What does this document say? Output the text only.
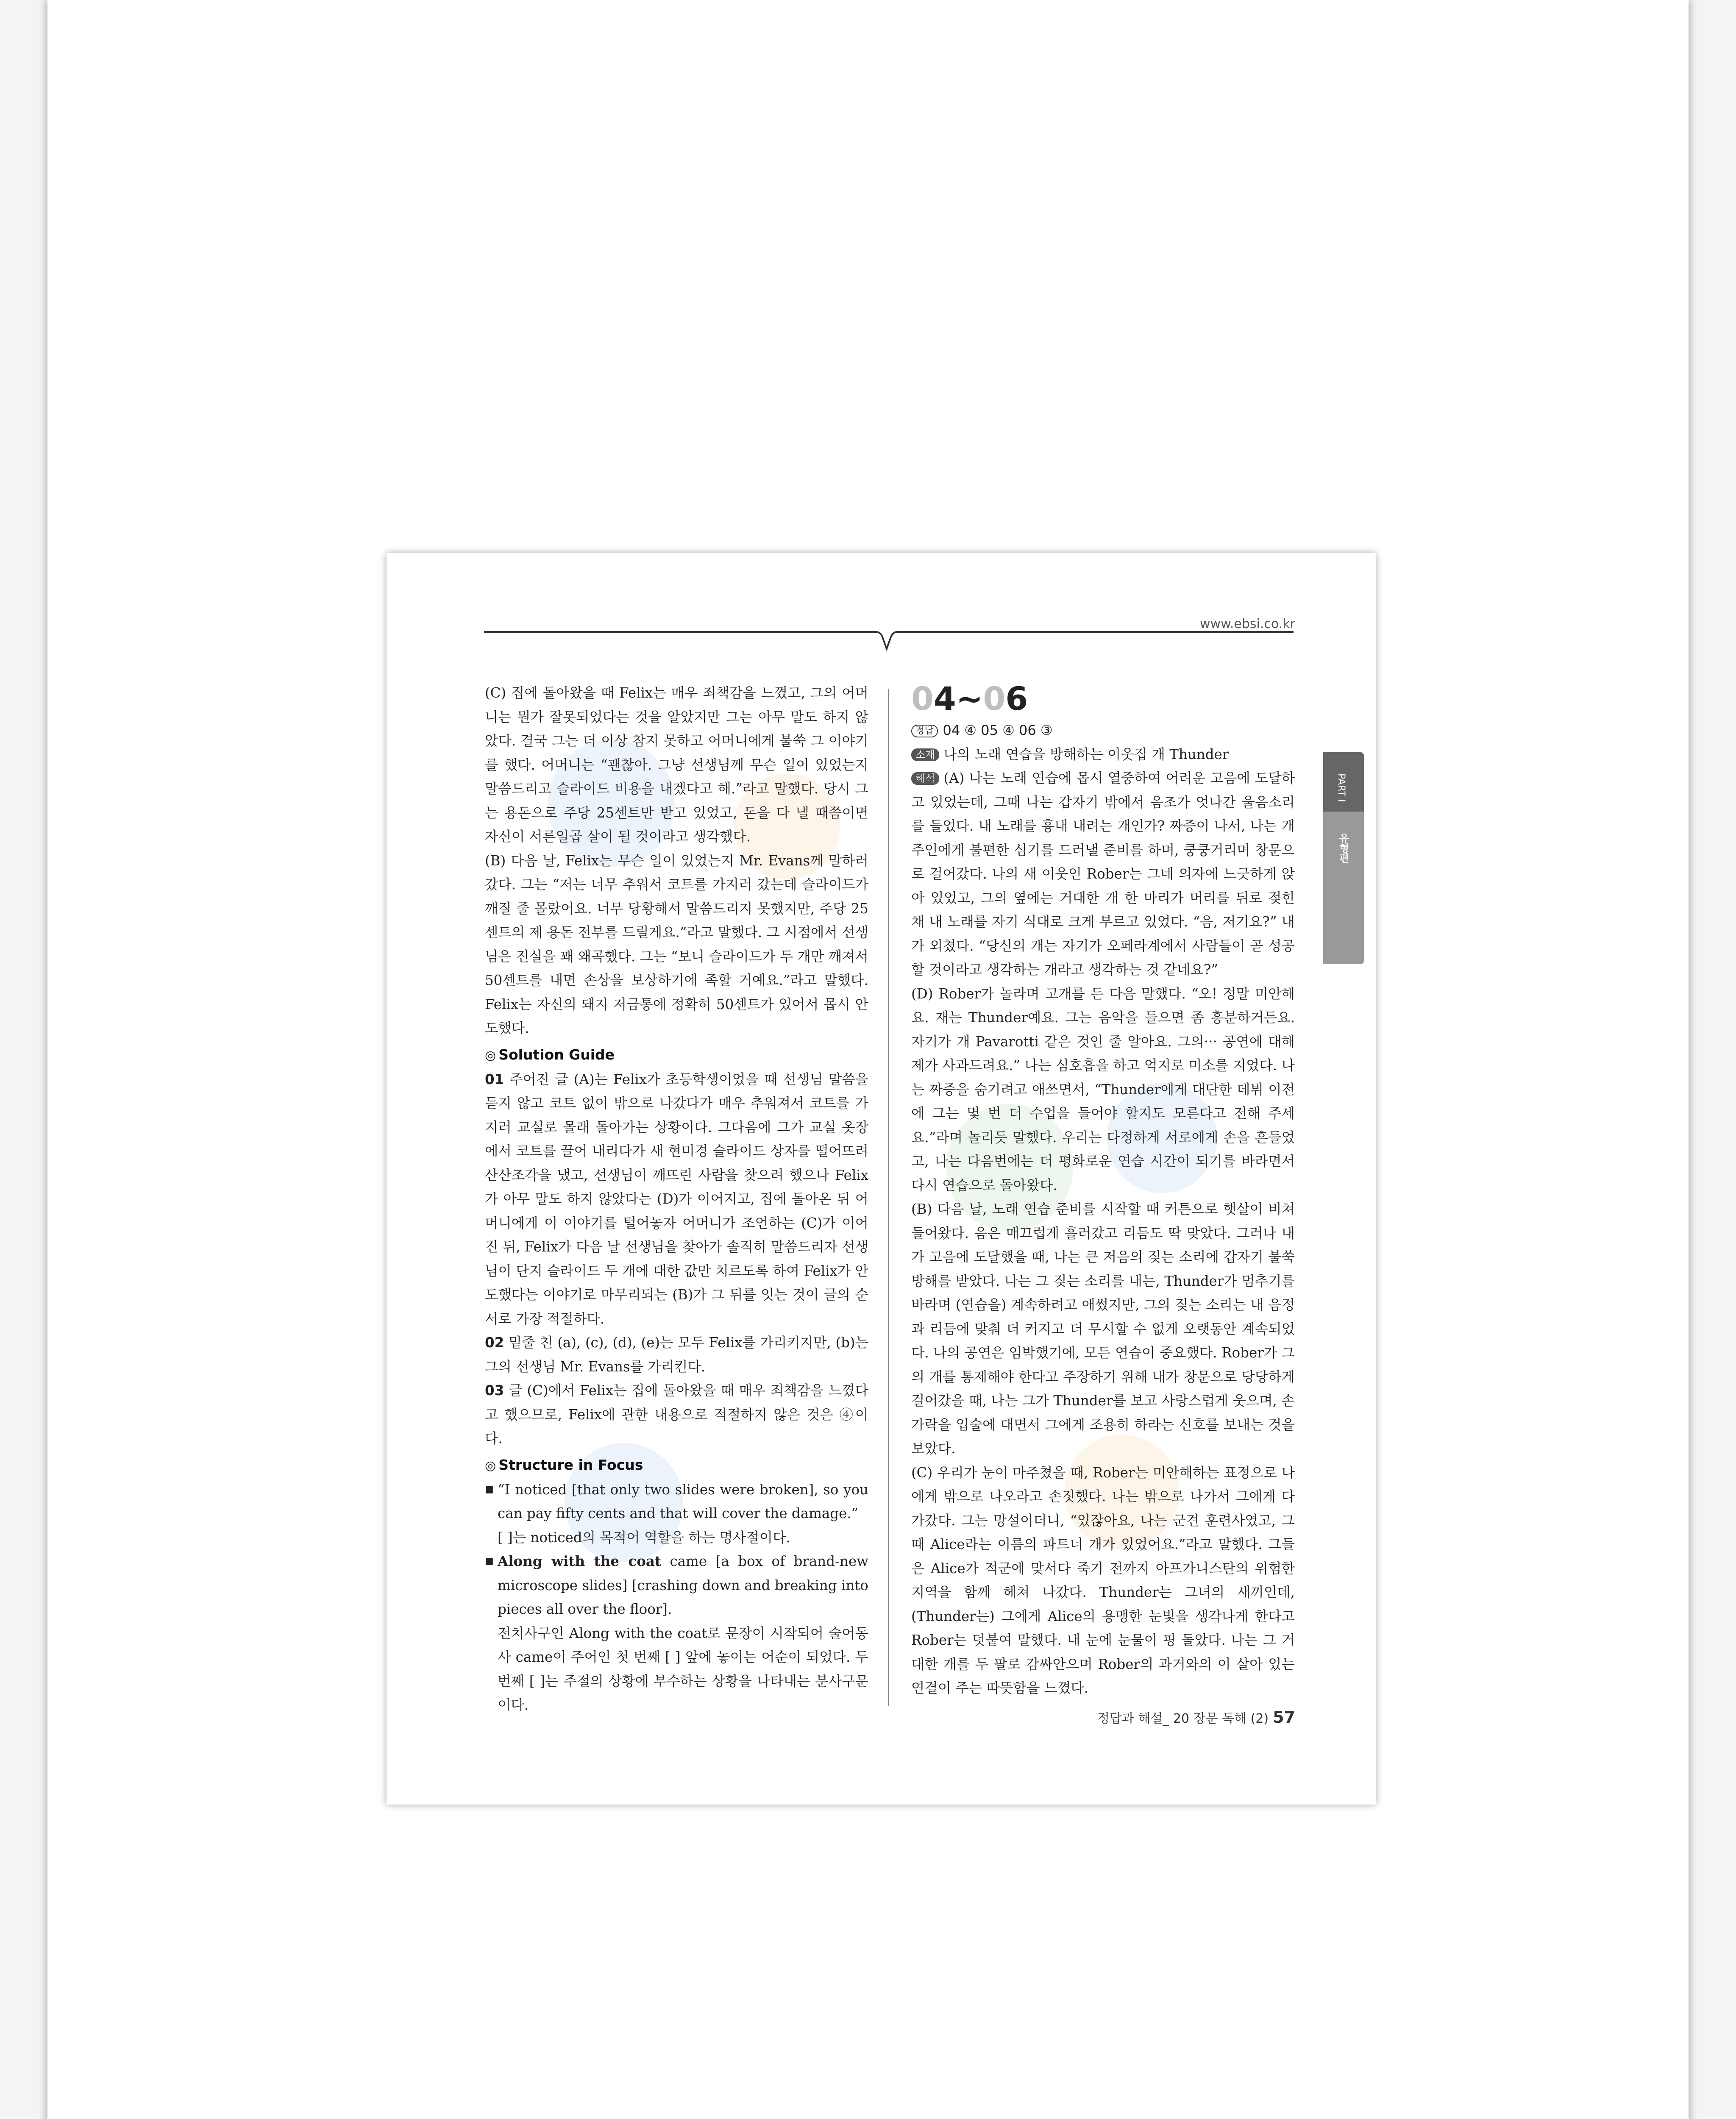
www.ebsi.co.kr
PART I
유형편

(C) 집에 돌아왔을 때 Felix는 매우 죄책감을 느꼈고, 그의 어머니는 뭔가 잘못되었다는 것을 알았지만 그는 아무 말도 하지 않았다. 결국 그는 더 이상 참지 못하고 어머니에게 불쑥 그 이야기를 했다. 어머니는 “괜찮아. 그냥 선생님께 무슨 일이 있었는지 말씀드리고 슬라이드 비용을 내겠다고 해.”라고 말했다. 당시 그는 용돈으로 주당 25센트만 받고 있었고, 돈을 다 낼 때쯤이면 자신이 서른일곱 살이 될 것이라고 생각했다.

(B) 다음 날, Felix는 무슨 일이 있었는지 Mr. Evans께 말하러 갔다. 그는 “저는 너무 추워서 코트를 가지러 갔는데 슬라이드가 깨질 줄 몰랐어요. 너무 당황해서 말씀드리지 못했지만, 주당 25센트의 제 용돈 전부를 드릴게요.”라고 말했다. 그 시점에서 선생님은 진실을 꽤 왜곡했다. 그는 “보니 슬라이드가 두 개만 깨져서 50센트를 내면 손상을 보상하기에 족할 거예요.”라고 말했다. Felix는 자신의 돼지 저금통에 정확히 50센트가 있어서 몹시 안도했다.

◎ Solution Guide

01 주어진 글 (A)는 Felix가 초등학생이었을 때 선생님 말씀을 듣지 않고 코트 없이 밖으로 나갔다가 매우 추워져서 코트를 가지러 교실로 몰래 돌아가는 상황이다. 그다음에 그가 교실 옷장에서 코트를 끌어 내리다가 새 현미경 슬라이드 상자를 떨어뜨려 산산조각을 냈고, 선생님이 깨뜨린 사람을 찾으려 했으나 Felix가 아무 말도 하지 않았다는 (D)가 이어지고, 집에 돌아온 뒤 어머니에게 이 이야기를 털어놓자 어머니가 조언하는 (C)가 이어진 뒤, Felix가 다음 날 선생님을 찾아가 솔직히 말씀드리자 선생님이 단지 슬라이드 두 개에 대한 값만 치르도록 하여 Felix가 안도했다는 이야기로 마무리되는 (B)가 그 뒤를 잇는 것이 글의 순서로 가장 적절하다.

02 밑줄 친 (a), (c), (d), (e)는 모두 Felix를 가리키지만, (b)는 그의 선생님 Mr. Evans를 가리킨다.

03 글 (C)에서 Felix는 집에 돌아왔을 때 매우 죄책감을 느꼈다고 했으므로, Felix에 관한 내용으로 적절하지 않은 것은 ④이다.

◎ Structure in Focus
■ “I noticed [that only two slides were broken], so you can pay fifty cents and that will cover the damage.”

[ ]는 noticed의 목적어 역할을 하는 명사절이다.

■ Along with the coat came [a box of brand-new microscope slides] [crashing down and breaking into pieces all over the floor].

전치사구인 Along with the coat로 문장이 시작되어 술어동사 came이 주어인 첫 번째 [ ] 앞에 놓이는 어순이 되었다. 두 번째 [ ]는 주절의 상황에 부수하는 상황을 나타내는 분사구문이다.

04~06
정답 04 ④ 05 ④ 06 ③

소재 나의 노래 연습을 방해하는 이웃집 개 Thunder

해석 (A) 나는 노래 연습에 몹시 열중하여 어려운 고음에 도달하고 있었는데, 그때 나는 갑자기 밖에서 음조가 엇나간 울음소리를 들었다. 내 노래를 흉내 내려는 개인가? 짜증이 나서, 나는 개 주인에게 불편한 심기를 드러낼 준비를 하며, 쿵쿵거리며 창문으로 걸어갔다. 나의 새 이웃인 Rober는 그네 의자에 느긋하게 앉아 있었고, 그의 옆에는 거대한 개 한 마리가 머리를 뒤로 젖힌 채 내 노래를 자기 식대로 크게 부르고 있었다. “음, 저기요?” 내가 외쳤다. “당신의 개는 자기가 오페라계에서 사람들이 곧 성공할 것이라고 생각하는 개라고 생각하는 것 같네요?”

(D) Rober가 놀라며 고개를 든 다음 말했다. “오! 정말 미안해요. 재는 Thunder예요. 그는 음악을 들으면 좀 흥분하거든요. 자기가 개 Pavarotti 같은 것인 줄 알아요. 그의··· 공연에 대해 제가 사과드려요.” 나는 심호흡을 하고 억지로 미소를 지었다. 나는 짜증을 숨기려고 애쓰면서, “Thunder에게 대단한 데뷔 이전에 그는 몇 번 더 수업을 들어야 할지도 모른다고 전해 주세요.”라며 놀리듯 말했다. 우리는 다정하게 서로에게 손을 흔들었고, 나는 다음번에는 더 평화로운 연습 시간이 되기를 바라면서 다시 연습으로 돌아왔다.

(B) 다음 날, 노래 연습 준비를 시작할 때 커튼으로 햇살이 비쳐 들어왔다. 음은 매끄럽게 흘러갔고 리듬도 딱 맞았다. 그러나 내가 고음에 도달했을 때, 나는 큰 저음의 짖는 소리에 갑자기 불쑥 방해를 받았다. 나는 그 짖는 소리를 내는, Thunder가 멈추기를 바라며 (연습을) 계속하려고 애썼지만, 그의 짖는 소리는 내 음정과 리듬에 맞춰 더 커지고 더 무시할 수 없게 오랫동안 계속되었다. 나의 공연은 임박했기에, 모든 연습이 중요했다. Rober가 그의 개를 통제해야 한다고 주장하기 위해 내가 창문으로 당당하게 걸어갔을 때, 나는 그가 Thunder를 보고 사랑스럽게 웃으며, 손가락을 입술에 대면서 그에게 조용히 하라는 신호를 보내는 것을 보았다.

(C) 우리가 눈이 마주쳤을 때, Rober는 미안해하는 표정으로 나에게 밖으로 나오라고 손짓했다. 나는 밖으로 나가서 그에게 다가갔다. 그는 망설이더니, “있잖아요, 나는 군견 훈련사였고, 그때 Alice라는 이름의 파트너 개가 있었어요.”라고 말했다. 그들은 Alice가 적군에 맞서다 죽기 전까지 아프가니스탄의 위험한 지역을 함께 헤쳐 나갔다. Thunder는 그녀의 새끼인데, (Thunder는) 그에게 Alice의 용맹한 눈빛을 생각나게 한다고 Rober는 덧붙여 말했다. 내 눈에 눈물이 핑 돌았다. 나는 그 거대한 개를 두 팔로 감싸안으며 Rober의 과거와의 이 살아 있는 연결이 주는 따뜻함을 느꼈다.

정답과 해설_ 20 장문 독해 (2) 57
